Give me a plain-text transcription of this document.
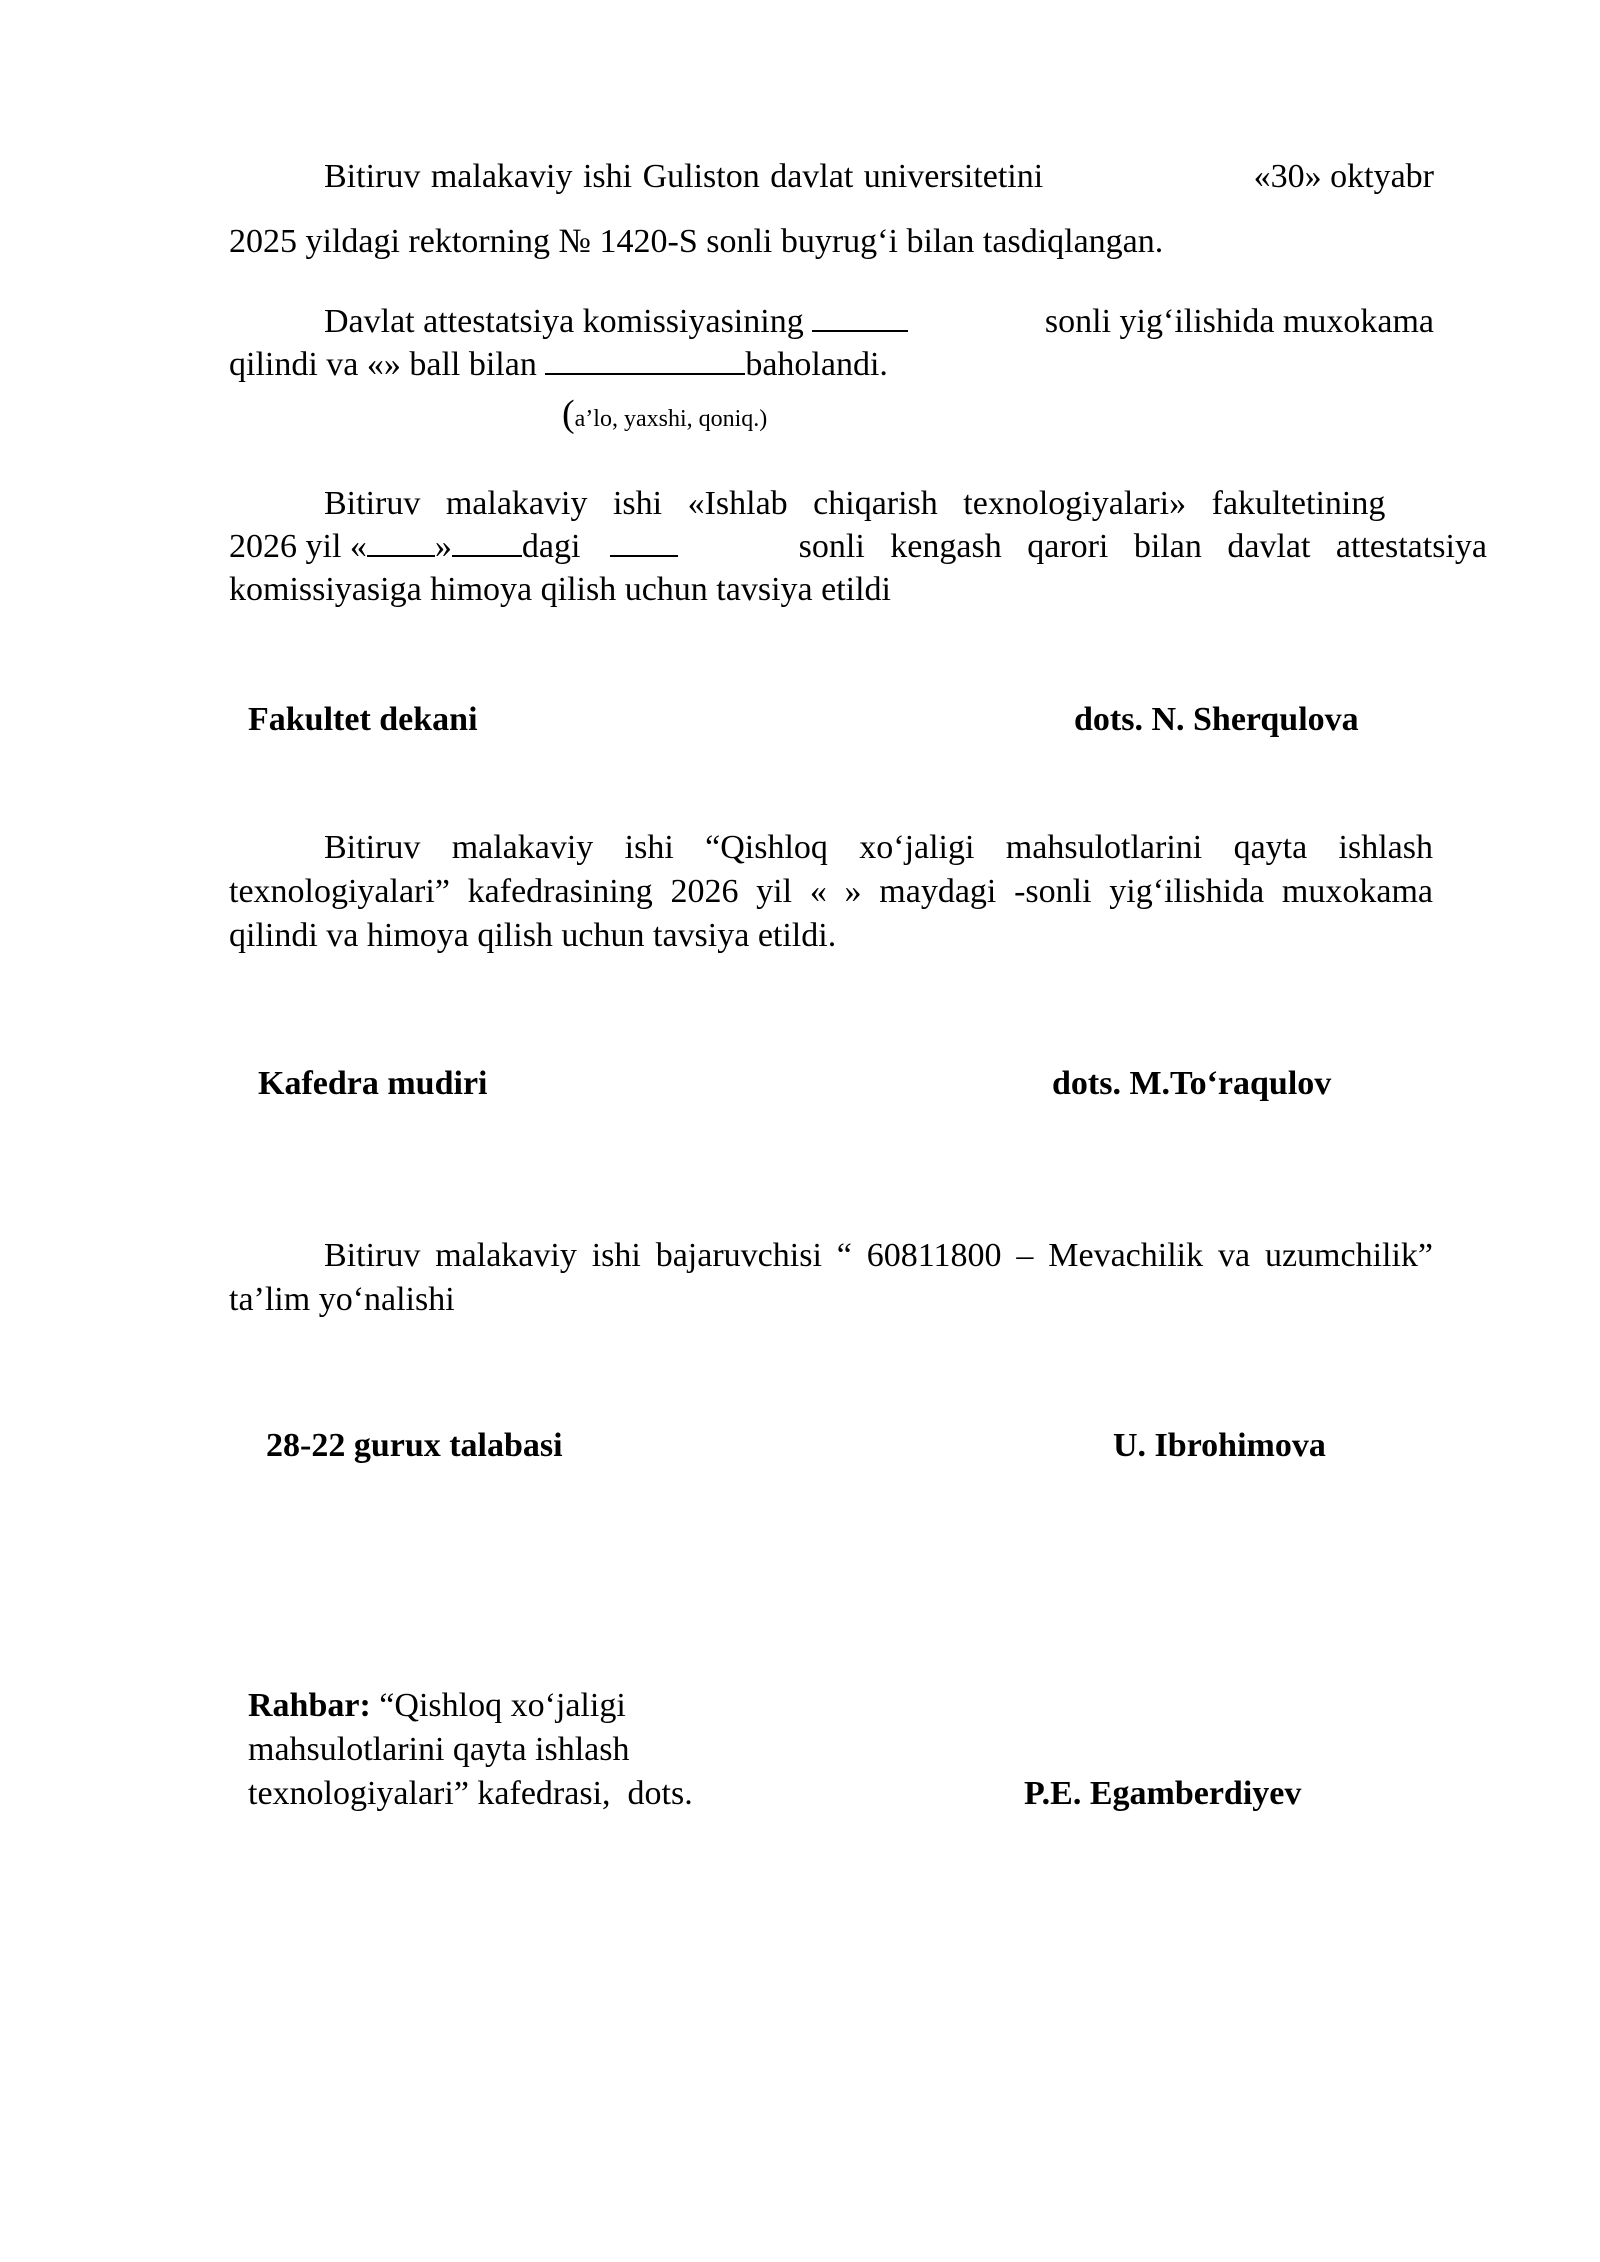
Bitiruv malakaviy ishi Guliston davlat universitetini	«30» oktyabr
2025 yildagi rektorning № 1420-S sonli buyrug‘i bilan tasdiqlangan.
Davlat attestatsiya komissiyasining	sonli yig‘ilishida muxokama
qilindi va «» ball bilan	baholandi.
(a’lo, yaxshi, qoniq.)
Bitiruv   malakaviy   ishi   «Ishlab   chiqarish   texnologiyalari»   fakultetining
2026 yil « » dagi	sonli   kengash   qarori   bilan   davlat   attestatsiya
komissiyasiga himoya qilish uchun tavsiya etildi
Fakultet dekani	dots. N. Sherqulova
Bitiruv malakaviy ishi “Qishloq xo‘jaligi mahsulotlarini qayta ishlash texnologiyalari” kafedrasining 2026 yil « » maydagi -sonli yig‘ilishida muxokama qilindi va himoya qilish uchun tavsiya etildi.
Kafedra mudiri	dots. M.To‘raqulov
Bitiruv malakaviy ishi bajaruvchisi “ 60811800 – Mevachilik va uzumchilik” ta’lim yo‘nalishi
28-22 gurux talabasi	U. Ibrohimova
Rahbar: “Qishloq xo‘jaligi
mahsulotlarini qayta ishlash
texnologiyalari” kafedrasi,  dots.	P.E. Egamberdiyev
